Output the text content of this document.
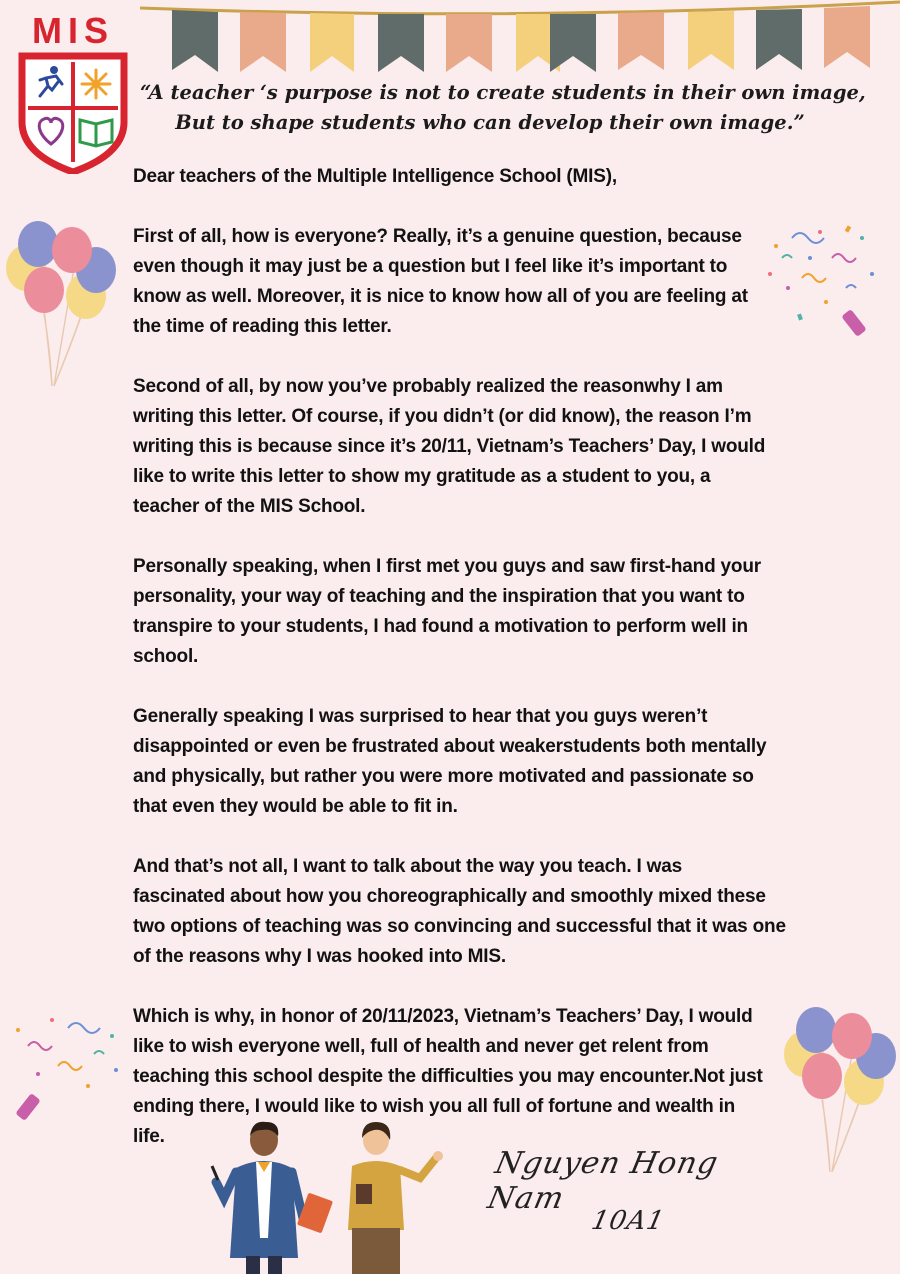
MIS
“A teacher ‘s purpose is not to create students in their own image,
But to shape students who can develop their own image.”
Dear teachers of the Multiple Intelligence School (MIS),
First of all, how is everyone? Really, it’s a genuine question, because
even though it may just be a question but I feel like it’s important to
know as well. Moreover, it is nice to know how all of you are feeling at
the time of reading this letter.
Second of all, by now you’ve probably realized the reasonwhy I am
writing this letter. Of course, if you didn’t (or did know), the reason I’m
writing this is because since it’s 20/11, Vietnam’s Teachers’ Day, I would
like to write this letter to show my gratitude as a student to you, a
teacher of the MIS School.
Personally speaking, when I first met you guys and saw first-hand your
personality, your way of teaching and the inspiration that you want to
transpire to your students, I had found a motivation to perform well in
school.
Generally speaking I was surprised to hear that you guys weren’t
disappointed or even be frustrated about weakerstudents both mentally
and physically, but rather you were more motivated and passionate so
that even they would be able to fit in.
And that’s not all, I want to talk about the way you teach. I was
fascinated about how you choreographically and smoothly mixed these
two options of teaching was so convincing and successful that it was one
of the reasons why I was hooked into MIS.
Which is why, in honor of 20/11/2023, Vietnam’s Teachers’ Day, I would
like to wish everyone well, full of health and never get relent from
teaching this school despite the difficulties you may encounter.Not just
ending there, I would like to wish you all full of fortune and wealth in
life.
Nguyen Hong Nam
10A1
